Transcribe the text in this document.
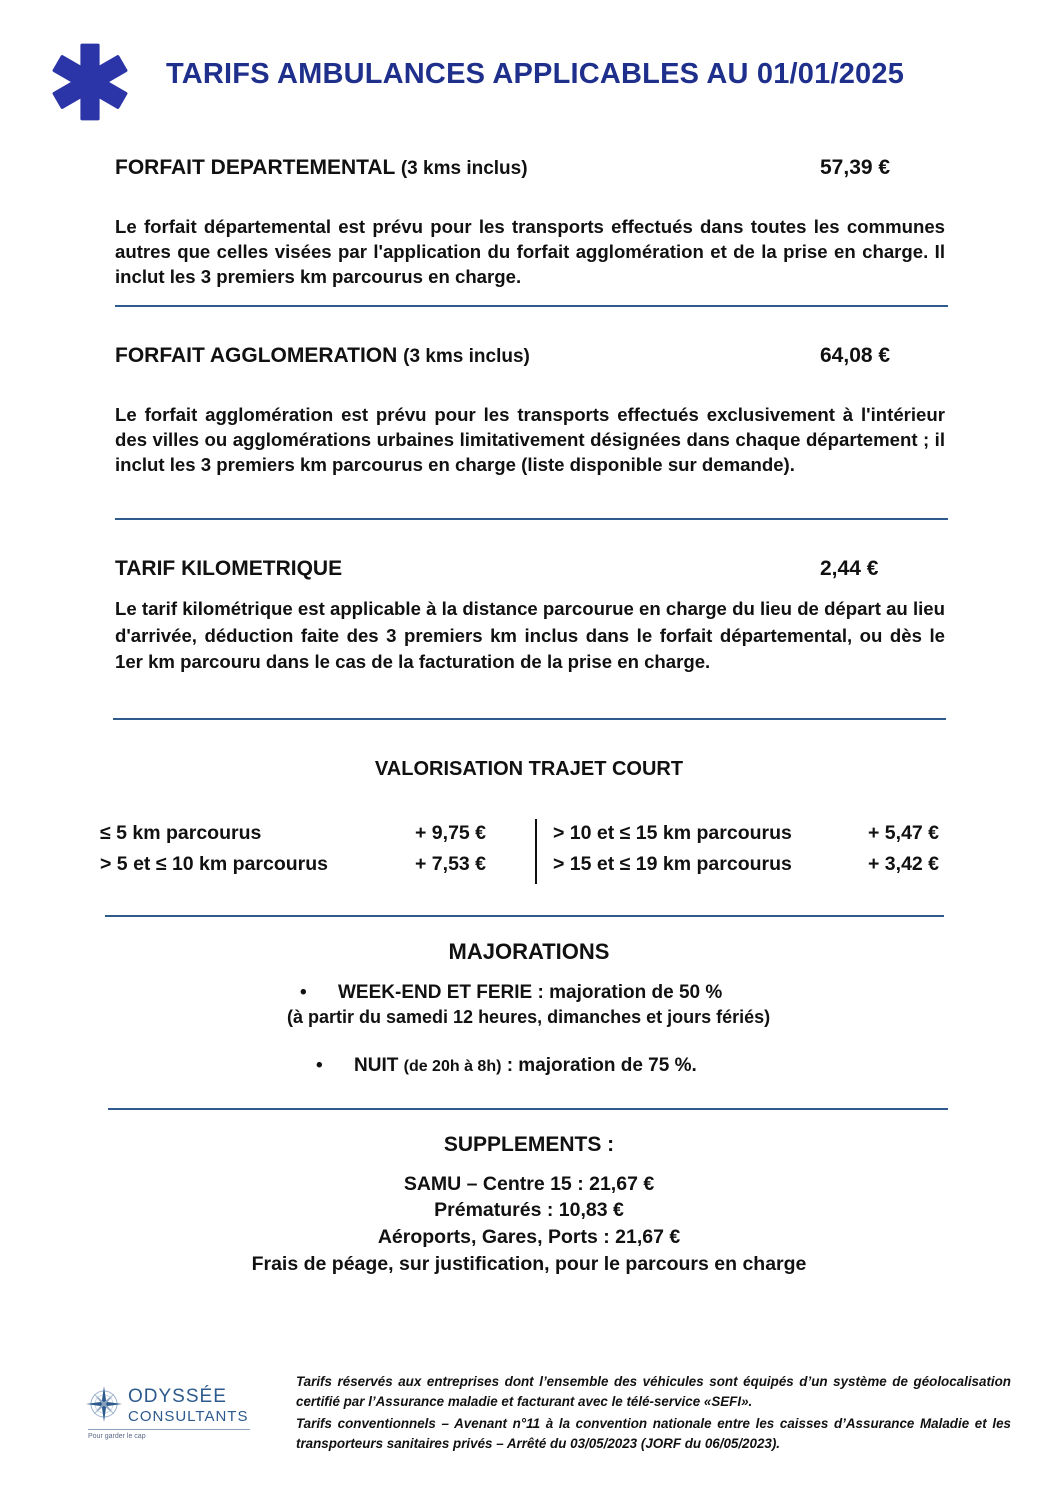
TARIFS AMBULANCES APPLICABLES AU 01/01/2025
FORFAIT DEPARTEMENTAL (3 kms inclus)	57,39 €
Le forfait départemental est prévu pour les transports effectués dans toutes les communes autres que celles visées par l'application du forfait agglomération et de la prise en charge. Il inclut les 3 premiers km parcourus en charge.
FORFAIT AGGLOMERATION (3 kms inclus)	64,08 €
Le forfait agglomération est prévu pour les transports effectués exclusivement à l'intérieur des villes ou agglomérations urbaines limitativement désignées dans chaque département ; il inclut les 3 premiers km parcourus en charge (liste disponible sur demande).
TARIF KILOMETRIQUE	2,44 €
Le tarif kilométrique est applicable à la distance parcourue en charge du lieu de départ au lieu d'arrivée, déduction faite des 3 premiers km inclus dans le forfait départemental, ou dès le 1er km parcouru dans le cas de la facturation de la prise en charge.
VALORISATION TRAJET COURT
≤ 5 km parcourus	+ 9,75 €
> 5 et ≤ 10 km parcourus	+ 7,53 €
> 10 et ≤ 15 km parcourus	+ 5,47 €
> 15 et ≤ 19 km parcourus	+ 3,42 €
MAJORATIONS
• WEEK-END ET FERIE : majoration de 50 %
(à partir du samedi 12 heures, dimanches et jours fériés)
• NUIT (de 20h à 8h) : majoration de 75 %.
SUPPLEMENTS :
SAMU – Centre 15 : 21,67 €
Prématurés : 10,83 €
Aéroports, Gares, Ports : 21,67 €
Frais de péage, sur justification, pour le parcours en charge
ODYSSÉE
CONSULTANTS
Pour garder le cap
Tarifs réservés aux entreprises dont l’ensemble des véhicules sont équipés d’un système de géolocalisation certifié par l’Assurance maladie et facturant avec le télé-service «SEFI».
Tarifs conventionnels – Avenant n°11 à la convention nationale entre les caisses d’Assurance Maladie et les transporteurs sanitaires privés – Arrêté du 03/05/2023 (JORF du 06/05/2023).
